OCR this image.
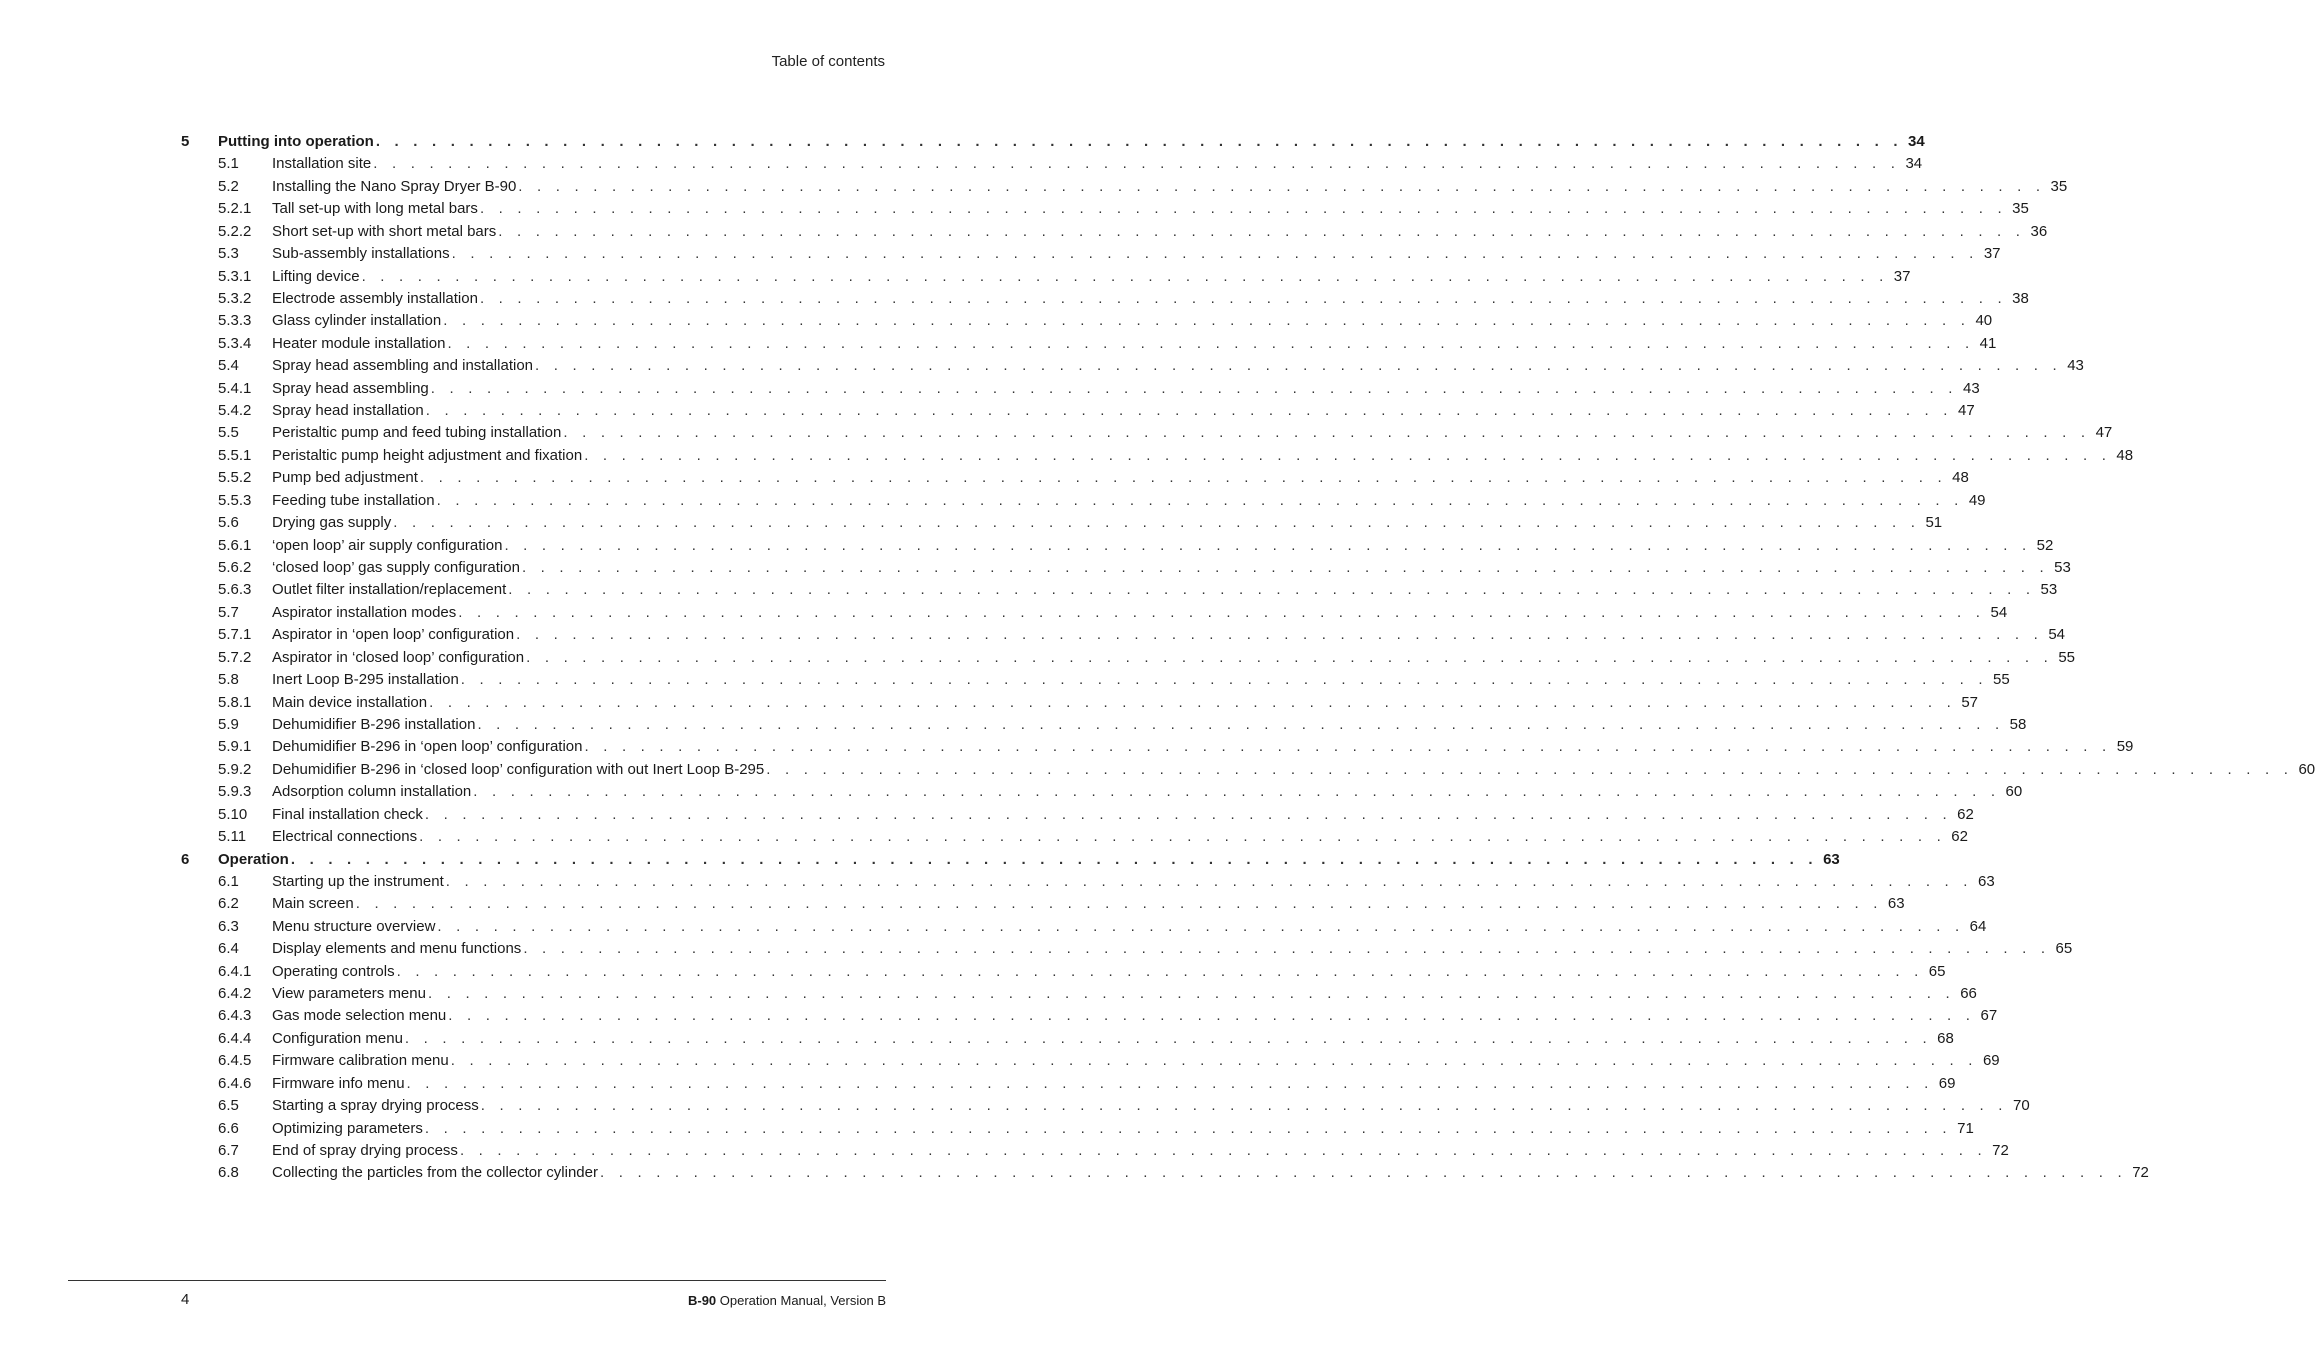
Table of contents
5	Putting into operation . . . . . . . . . . . . . . . . . . . . . . . . . . . . . . . . . . . . . . . . . . . . . . . . . . . . . . . . . . . . . . . . . . . . . . . . . . . . . . . . . . 34
5.1	Installation site . . . . . . . . . . . . . . . . . . . . . . . . . . . . . . . . . . . . . . . . . . . . . . . . . . . . . . . . . . . . . . . . . . . . . . . . . . . . . . . . . . 34
5.2	Installing the Nano Spray Dryer B-90 . . . . . . . . . . . . . . . . . . . . . . . . . . . . . . . . . . . . . . . . . . . . . . . . . . . . . . . . . . . . . . . . . . . . . . . . . . . . . . . . . . 35
5.2.1	Tall set-up with long metal bars . . . . . . . . . . . . . . . . . . . . . . . . . . . . . . . . . . . . . . . . . . . . . . . . . . . . . . . . . . . . . . . . . . . . . . . . . . . . . . . . . . 35
5.2.2	Short set-up with short metal bars . . . . . . . . . . . . . . . . . . . . . . . . . . . . . . . . . . . . . . . . . . . . . . . . . . . . . . . . . . . . . . . . . . . . . . . . . . . . . . . . . . 36
5.3	Sub-assembly installations . . . . . . . . . . . . . . . . . . . . . . . . . . . . . . . . . . . . . . . . . . . . . . . . . . . . . . . . . . . . . . . . . . . . . . . . . . . . . . . . . . 37
5.3.1	Lifting device . . . . . . . . . . . . . . . . . . . . . . . . . . . . . . . . . . . . . . . . . . . . . . . . . . . . . . . . . . . . . . . . . . . . . . . . . . . . . . . . . . 37
5.3.2	Electrode assembly installation . . . . . . . . . . . . . . . . . . . . . . . . . . . . . . . . . . . . . . . . . . . . . . . . . . . . . . . . . . . . . . . . . . . . . . . . . . . . . . . . . . 38
5.3.3	Glass cylinder installation . . . . . . . . . . . . . . . . . . . . . . . . . . . . . . . . . . . . . . . . . . . . . . . . . . . . . . . . . . . . . . . . . . . . . . . . . . . . . . . . . . 40
5.3.4	Heater module installation . . . . . . . . . . . . . . . . . . . . . . . . . . . . . . . . . . . . . . . . . . . . . . . . . . . . . . . . . . . . . . . . . . . . . . . . . . . . . . . . . . 41
5.4	Spray head assembling and installation . . . . . . . . . . . . . . . . . . . . . . . . . . . . . . . . . . . . . . . . . . . . . . . . . . . . . . . . . . . . . . . . . . . . . . . . . . . . . . . . . . 43
5.4.1	Spray head assembling . . . . . . . . . . . . . . . . . . . . . . . . . . . . . . . . . . . . . . . . . . . . . . . . . . . . . . . . . . . . . . . . . . . . . . . . . . . . . . . . . . 43
5.4.2	Spray head installation . . . . . . . . . . . . . . . . . . . . . . . . . . . . . . . . . . . . . . . . . . . . . . . . . . . . . . . . . . . . . . . . . . . . . . . . . . . . . . . . . . 47
5.5	Peristaltic pump and feed tubing installation . . . . . . . . . . . . . . . . . . . . . . . . . . . . . . . . . . . . . . . . . . . . . . . . . . . . . . . . . . . . . . . . . . . . . . . . . . . . . . . . . . 47
5.5.1	Peristaltic pump height adjustment and fixation . . . . . . . . . . . . . . . . . . . . . . . . . . . . . . . . . . . . . . . . . . . . . . . . . . . . . . . . . . . . . . . . . . . . . . . . . . . . . . . . . . 48
5.5.2	Pump bed adjustment . . . . . . . . . . . . . . . . . . . . . . . . . . . . . . . . . . . . . . . . . . . . . . . . . . . . . . . . . . . . . . . . . . . . . . . . . . . . . . . . . . 48
5.5.3	Feeding tube installation . . . . . . . . . . . . . . . . . . . . . . . . . . . . . . . . . . . . . . . . . . . . . . . . . . . . . . . . . . . . . . . . . . . . . . . . . . . . . . . . . . 49
5.6	Drying gas supply . . . . . . . . . . . . . . . . . . . . . . . . . . . . . . . . . . . . . . . . . . . . . . . . . . . . . . . . . . . . . . . . . . . . . . . . . . . . . . . . . . 51
5.6.1	‘open loop’ air supply configuration . . . . . . . . . . . . . . . . . . . . . . . . . . . . . . . . . . . . . . . . . . . . . . . . . . . . . . . . . . . . . . . . . . . . . . . . . . . . . . . . . . 52
5.6.2	‘closed loop’ gas supply configuration . . . . . . . . . . . . . . . . . . . . . . . . . . . . . . . . . . . . . . . . . . . . . . . . . . . . . . . . . . . . . . . . . . . . . . . . . . . . . . . . . . 53
5.6.3	Outlet filter installation/replacement . . . . . . . . . . . . . . . . . . . . . . . . . . . . . . . . . . . . . . . . . . . . . . . . . . . . . . . . . . . . . . . . . . . . . . . . . . . . . . . . . . 53
5.7	Aspirator installation modes . . . . . . . . . . . . . . . . . . . . . . . . . . . . . . . . . . . . . . . . . . . . . . . . . . . . . . . . . . . . . . . . . . . . . . . . . . . . . . . . . . 54
5.7.1	Aspirator in ‘open loop’ configuration . . . . . . . . . . . . . . . . . . . . . . . . . . . . . . . . . . . . . . . . . . . . . . . . . . . . . . . . . . . . . . . . . . . . . . . . . . . . . . . . . . 54
5.7.2	Aspirator in ‘closed loop’ configuration . . . . . . . . . . . . . . . . . . . . . . . . . . . . . . . . . . . . . . . . . . . . . . . . . . . . . . . . . . . . . . . . . . . . . . . . . . . . . . . . . . 55
5.8	Inert Loop B-295 installation . . . . . . . . . . . . . . . . . . . . . . . . . . . . . . . . . . . . . . . . . . . . . . . . . . . . . . . . . . . . . . . . . . . . . . . . . . . . . . . . . . 55
5.8.1	Main device installation . . . . . . . . . . . . . . . . . . . . . . . . . . . . . . . . . . . . . . . . . . . . . . . . . . . . . . . . . . . . . . . . . . . . . . . . . . . . . . . . . . 57
5.9	Dehumidifier B-296 installation . . . . . . . . . . . . . . . . . . . . . . . . . . . . . . . . . . . . . . . . . . . . . . . . . . . . . . . . . . . . . . . . . . . . . . . . . . . . . . . . . . 58
5.9.1	Dehumidifier B-296 in ‘open loop’ configuration . . . . . . . . . . . . . . . . . . . . . . . . . . . . . . . . . . . . . . . . . . . . . . . . . . . . . . . . . . . . . . . . . . . . . . . . . . . . . . . . . . 59
5.9.2	Dehumidifier B-296 in ‘closed loop’ configuration with out Inert Loop B-295 . . . . . . . . . . . . . . . . . . . . . . . . . . . . . . . . . . . . . . . . . . . . . . . . . . . . . . . . . . . . . . . . . . . . . . . . . . . . . . . . . . 60
5.9.3	Adsorption column installation . . . . . . . . . . . . . . . . . . . . . . . . . . . . . . . . . . . . . . . . . . . . . . . . . . . . . . . . . . . . . . . . . . . . . . . . . . . . . . . . . . 60
5.10	Final installation check . . . . . . . . . . . . . . . . . . . . . . . . . . . . . . . . . . . . . . . . . . . . . . . . . . . . . . . . . . . . . . . . . . . . . . . . . . . . . . . . . . 62
5.11	Electrical connections . . . . . . . . . . . . . . . . . . . . . . . . . . . . . . . . . . . . . . . . . . . . . . . . . . . . . . . . . . . . . . . . . . . . . . . . . . . . . . . . . . 62
6	Operation . . . . . . . . . . . . . . . . . . . . . . . . . . . . . . . . . . . . . . . . . . . . . . . . . . . . . . . . . . . . . . . . . . . . . . . . . . . . . . . . . . 63
6.1	Starting up the instrument . . . . . . . . . . . . . . . . . . . . . . . . . . . . . . . . . . . . . . . . . . . . . . . . . . . . . . . . . . . . . . . . . . . . . . . . . . . . . . . . . . 63
6.2	Main screen . . . . . . . . . . . . . . . . . . . . . . . . . . . . . . . . . . . . . . . . . . . . . . . . . . . . . . . . . . . . . . . . . . . . . . . . . . . . . . . . . . 63
6.3	Menu structure overview . . . . . . . . . . . . . . . . . . . . . . . . . . . . . . . . . . . . . . . . . . . . . . . . . . . . . . . . . . . . . . . . . . . . . . . . . . . . . . . . . . 64
6.4	Display elements and menu functions . . . . . . . . . . . . . . . . . . . . . . . . . . . . . . . . . . . . . . . . . . . . . . . . . . . . . . . . . . . . . . . . . . . . . . . . . . . . . . . . . . 65
6.4.1	Operating controls . . . . . . . . . . . . . . . . . . . . . . . . . . . . . . . . . . . . . . . . . . . . . . . . . . . . . . . . . . . . . . . . . . . . . . . . . . . . . . . . . . 65
6.4.2	View parameters menu . . . . . . . . . . . . . . . . . . . . . . . . . . . . . . . . . . . . . . . . . . . . . . . . . . . . . . . . . . . . . . . . . . . . . . . . . . . . . . . . . . 66
6.4.3	Gas mode selection menu . . . . . . . . . . . . . . . . . . . . . . . . . . . . . . . . . . . . . . . . . . . . . . . . . . . . . . . . . . . . . . . . . . . . . . . . . . . . . . . . . . 67
6.4.4	Configuration menu . . . . . . . . . . . . . . . . . . . . . . . . . . . . . . . . . . . . . . . . . . . . . . . . . . . . . . . . . . . . . . . . . . . . . . . . . . . . . . . . . . 68
6.4.5	Firmware calibration menu . . . . . . . . . . . . . . . . . . . . . . . . . . . . . . . . . . . . . . . . . . . . . . . . . . . . . . . . . . . . . . . . . . . . . . . . . . . . . . . . . . 69
6.4.6	Firmware info menu . . . . . . . . . . . . . . . . . . . . . . . . . . . . . . . . . . . . . . . . . . . . . . . . . . . . . . . . . . . . . . . . . . . . . . . . . . . . . . . . . . 69
6.5	Starting a spray drying process . . . . . . . . . . . . . . . . . . . . . . . . . . . . . . . . . . . . . . . . . . . . . . . . . . . . . . . . . . . . . . . . . . . . . . . . . . . . . . . . . . 70
6.6	Optimizing parameters . . . . . . . . . . . . . . . . . . . . . . . . . . . . . . . . . . . . . . . . . . . . . . . . . . . . . . . . . . . . . . . . . . . . . . . . . . . . . . . . . . 71
6.7	End of spray drying process . . . . . . . . . . . . . . . . . . . . . . . . . . . . . . . . . . . . . . . . . . . . . . . . . . . . . . . . . . . . . . . . . . . . . . . . . . . . . . . . . . 72
6.8	Collecting the particles from the collector cylinder . . . . . . . . . . . . . . . . . . . . . . . . . . . . . . . . . . . . . . . . . . . . . . . . . . . . . . . . . . . . . . . . . . . . . . . . . . . . . . . . . . 72
4	B-90 Operation Manual, Version B
